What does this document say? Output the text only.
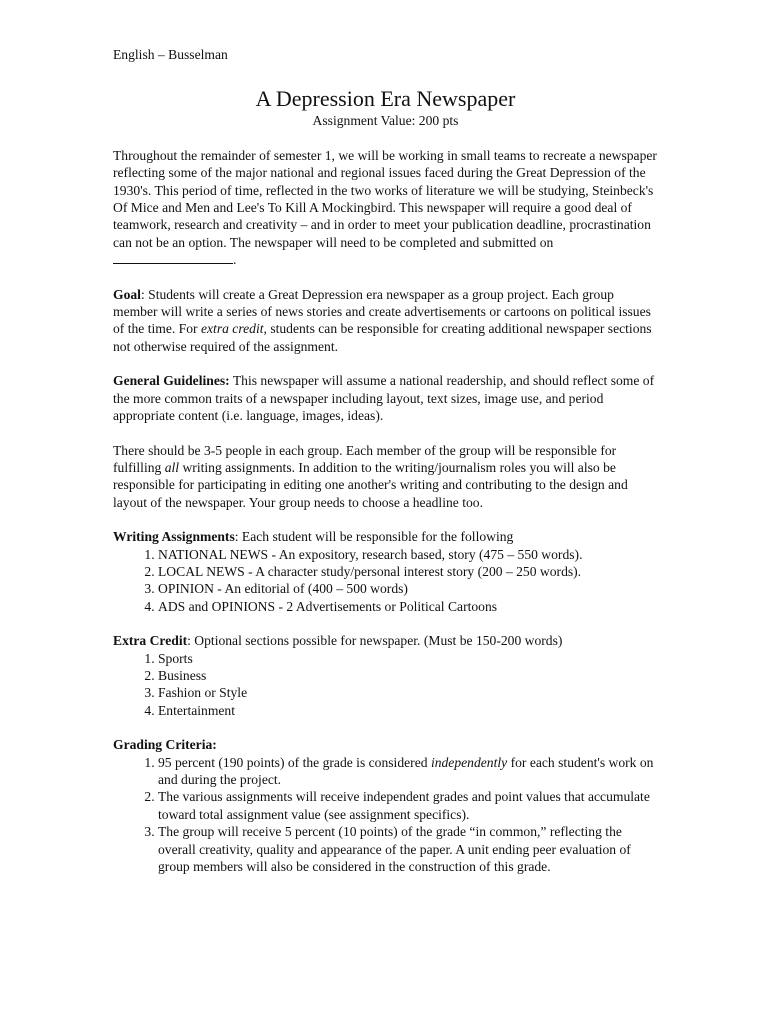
English – Busselman
A Depression Era Newspaper
Assignment Value: 200 pts

Throughout the remainder of semester 1, we will be working in small teams to recreate a newspaper reflecting some of the major national and regional issues faced during the Great Depression of the 1930's. This period of time, reflected in the two works of literature we will be studying, Steinbeck's Of Mice and Men and Lee's To Kill A Mockingbird. This newspaper will require a good deal of teamwork, research and creativity – and in order to meet your publication deadline, procrastination can not be an option. The newspaper will need to be completed and submitted on .

Goal: Students will create a Great Depression era newspaper as a group project. Each group member will write a series of news stories and create advertisements or cartoons on political issues of the time. For extra credit, students can be responsible for creating additional newspaper sections not otherwise required of the assignment.

General Guidelines: This newspaper will assume a national readership, and should reflect some of the more common traits of a newspaper including layout, text sizes, image use, and period appropriate content (i.e. language, images, ideas).

There should be 3-5 people in each group. Each member of the group will be responsible for fulfilling all writing assignments. In addition to the writing/journalism roles you will also be responsible for participating in editing one another's writing and contributing to the design and layout of the newspaper. Your group needs to choose a headline too.

Writing Assignments: Each student will be responsible for the following
1. NATIONAL NEWS - An expository, research based, story (475 – 550 words).
2. LOCAL NEWS - A character study/personal interest story (200 – 250 words).
3. OPINION - An editorial of (400 – 500 words)
4. ADS and OPINIONS - 2 Advertisements or Political Cartoons
Extra Credit: Optional sections possible for newspaper. (Must be 150-200 words)
1. Sports
2. Business
3. Fashion or Style
4. Entertainment
Grading Criteria:
1. 95 percent (190 points) of the grade is considered independently for each student's work on and during the project.
2. The various assignments will receive independent grades and point values that accumulate toward total assignment value (see assignment specifics).
3. The group will receive 5 percent (10 points) of the grade “in common,” reflecting the overall creativity, quality and appearance of the paper. A unit ending peer evaluation of group members will also be considered in the construction of this grade.
